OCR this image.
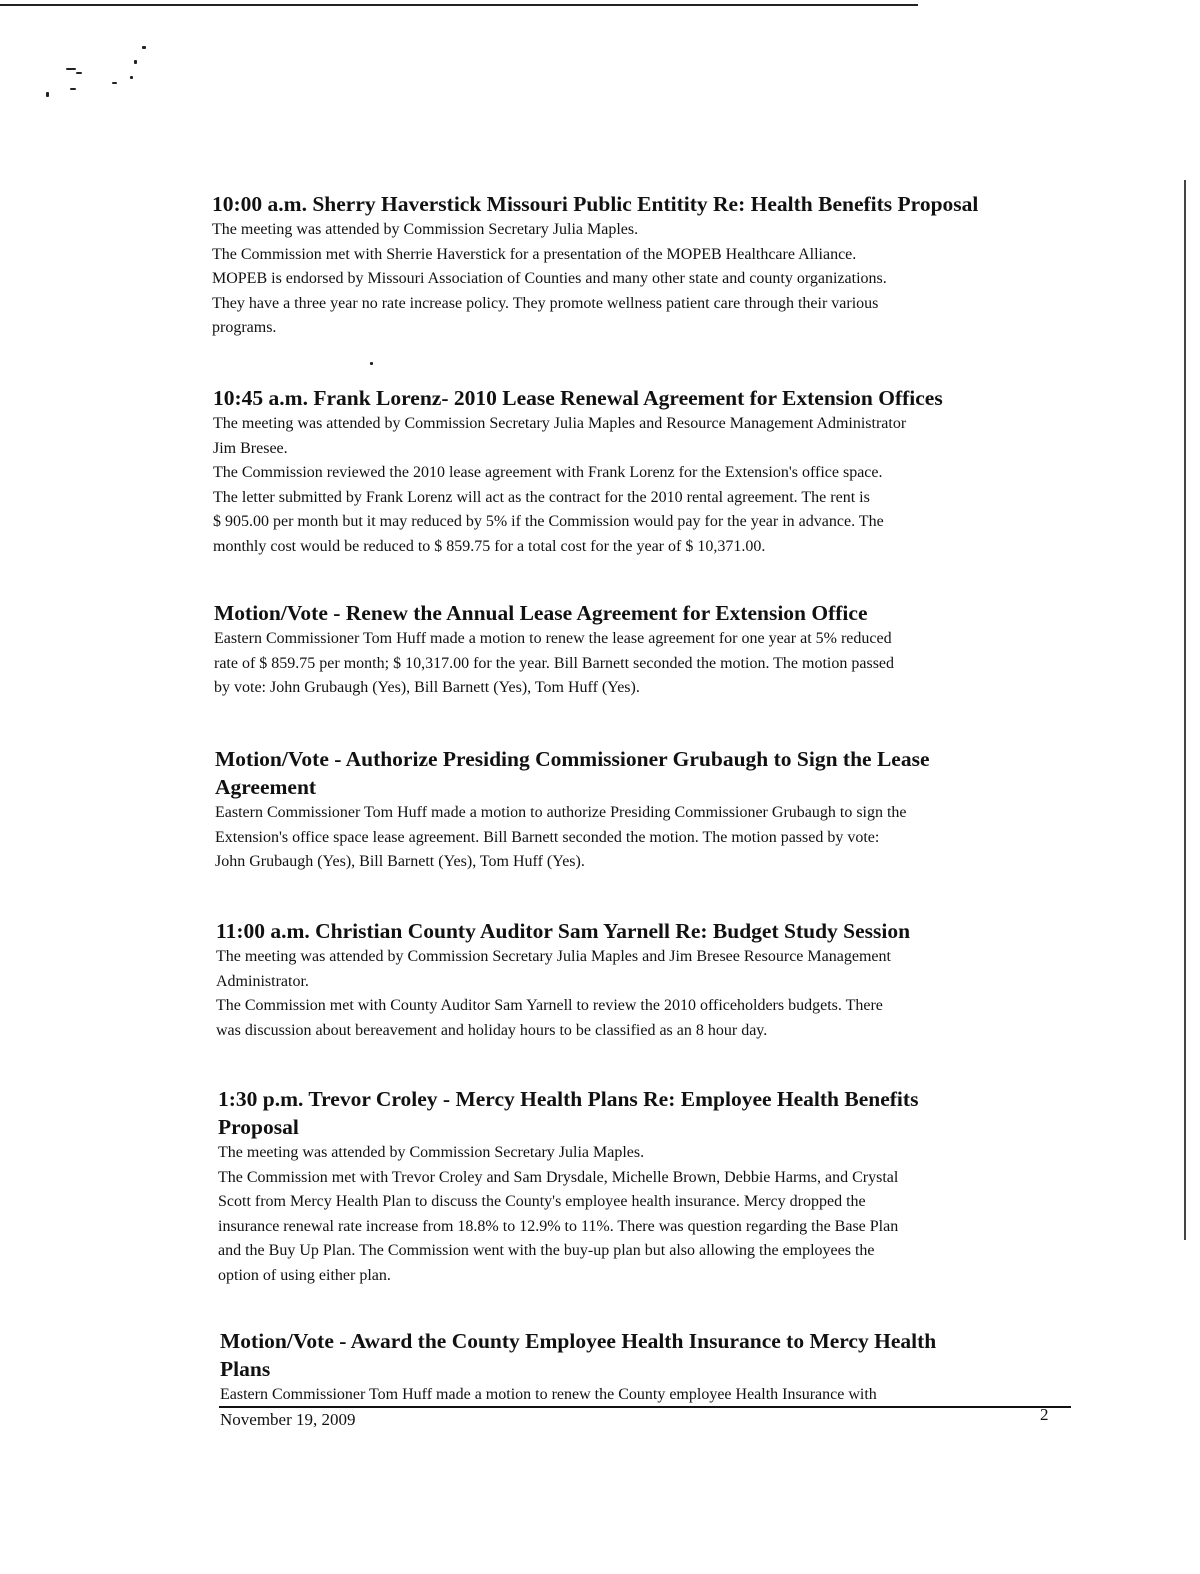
10:00 a.m. Sherry Haverstick Missouri Public Entitity Re: Health Benefits Proposal

The meeting was attended by Commission Secretary Julia Maples.
The Commission met with Sherrie Haverstick for a presentation of the MOPEB Healthcare Alliance.
MOPEB is endorsed by Missouri Association of Counties and many other state and county organizations.
They have a three year no rate increase policy. They promote wellness patient care through their various
programs.

10:45 a.m. Frank Lorenz- 2010 Lease Renewal Agreement for Extension Offices

The meeting was attended by Commission Secretary Julia Maples and Resource Management Administrator
Jim Bresee.
The Commission reviewed the 2010 lease agreement with Frank Lorenz for the Extension's office space.
The letter submitted by Frank Lorenz will act as the contract for the 2010 rental agreement. The rent is
$ 905.00 per month but it may reduced by 5% if the Commission would pay for the year in advance. The
monthly cost would be reduced to $ 859.75 for a total cost for the year of $ 10,371.00.

Motion/Vote - Renew the Annual Lease Agreement for Extension Office

Eastern Commissioner Tom Huff made a motion to renew the lease agreement for one year at 5% reduced
rate of $ 859.75 per month; $ 10,317.00 for the year. Bill Barnett seconded the motion. The motion passed
by vote: John Grubaugh (Yes), Bill Barnett (Yes), Tom Huff (Yes).

Motion/Vote - Authorize Presiding Commissioner Grubaugh to Sign the Lease
Agreement

Eastern Commissioner Tom Huff made a motion to authorize Presiding Commissioner Grubaugh to sign the
Extension's office space lease agreement. Bill Barnett seconded the motion. The motion passed by vote:
John Grubaugh (Yes), Bill Barnett (Yes), Tom Huff (Yes).

11:00 a.m. Christian County Auditor Sam Yarnell Re: Budget Study Session

The meeting was attended by Commission Secretary Julia Maples and Jim Bresee Resource Management
Administrator.
The Commission met with County Auditor Sam Yarnell to review the 2010 officeholders budgets. There
was discussion about bereavement and holiday hours to be classified as an 8 hour day.

1:30 p.m. Trevor Croley - Mercy Health Plans Re: Employee Health Benefits
Proposal

The meeting was attended by Commission Secretary Julia Maples.
The Commission met with Trevor Croley and Sam Drysdale, Michelle Brown, Debbie Harms, and Crystal
Scott from Mercy Health Plan to discuss the County's employee health insurance. Mercy dropped the
insurance renewal rate increase from 18.8% to 12.9% to 11%. There was question regarding the Base Plan
and the Buy Up Plan. The Commission went with the buy-up plan but also allowing the employees the
option of using either plan.

Motion/Vote - Award the County Employee Health Insurance to Mercy Health
Plans

Eastern Commissioner Tom Huff made a motion to renew the County employee Health Insurance with

November 19, 2009	2
